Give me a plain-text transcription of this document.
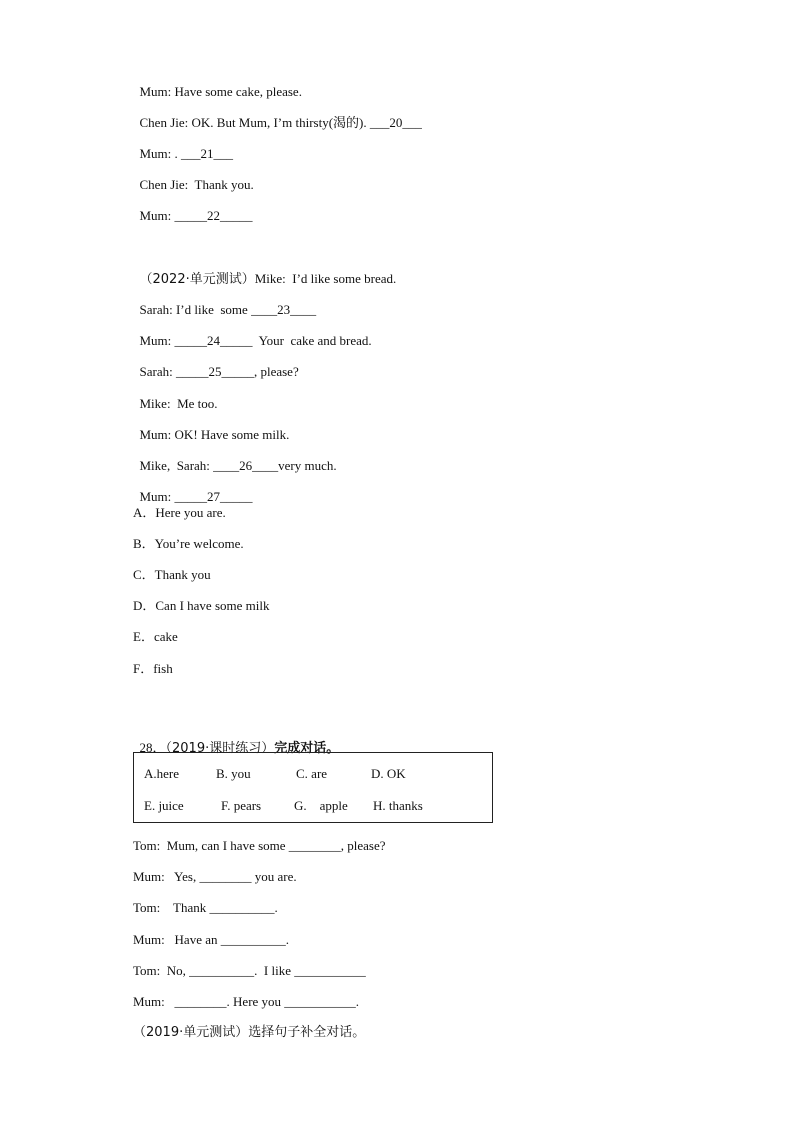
Mum: Have some cake, please.

Chen Jie: OK. But Mum, I’m thirsty(渴的). ___20___

Mum: . ___21___

Chen Jie:  Thank you.

Mum: _____22_____

（2022·单元测试）Mike:  I’d like some bread.

Sarah: I’d like  some ____23____

Mum: _____24_____  Your  cake and bread.

Sarah: _____25_____, please?

Mike:  Me too.

Mum: OK! Have some milk.

Mike,  Sarah: ____26____very much.

Mum: _____27_____

A．Here you are.
B．You’re welcome.
C．Thank you
D．Can I have some milk
E．cake
F．fish

28．（2019·课时练习）完成对话。

A.here	B. you	C. are	D. OK
E. juice	F. pears	G.    apple H. thanks
Tom:  Mum, can I have some ________, please?
Mum:   Yes, ________ you are.
Tom:    Thank __________.
Mum:   Have an __________.
Tom:  No, __________.  I like ___________
Mum:   ________. Here you ___________.
（2019·单元测试）选择句子补全对话。
